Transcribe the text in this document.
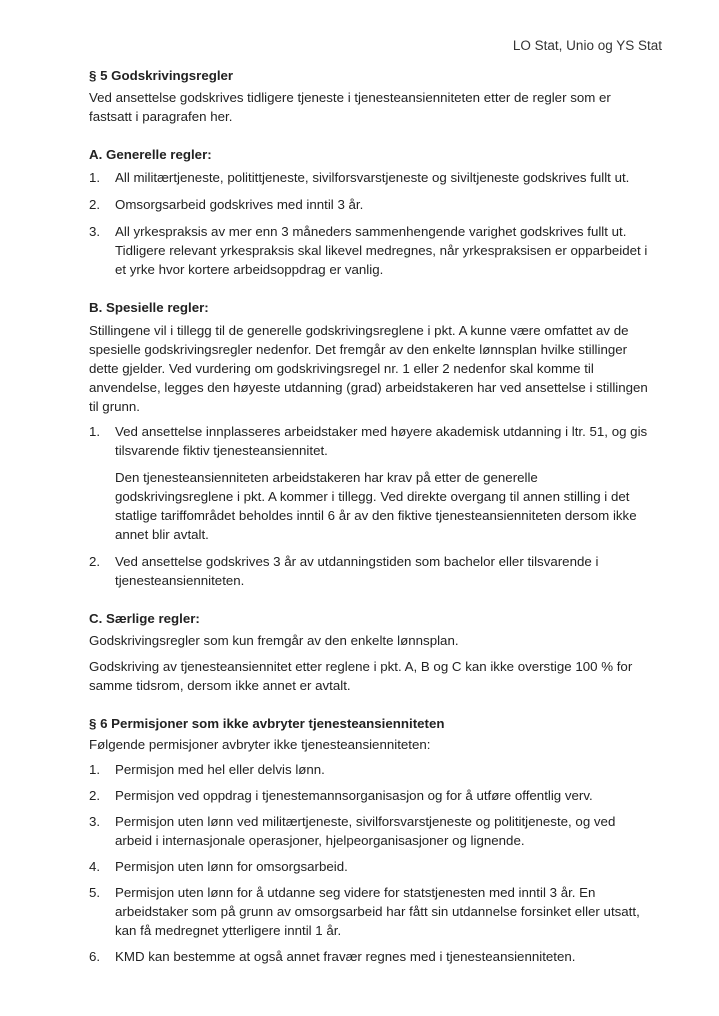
LO Stat, Unio og YS Stat

§ 5 Godskrivingsregler

Ved ansettelse godskrives tidligere tjeneste i tjenesteansienniteten etter de regler som er fastsatt i paragrafen her.

A. Generelle regler:

1. All militærtjeneste, politittjeneste, sivilforsvarstjeneste og siviltjeneste godskrives fullt ut.
2. Omsorgsarbeid godskrives med inntil 3 år.
3. All yrkespraksis av mer enn 3 måneders sammenhengende varighet godskrives fullt ut. Tidligere relevant yrkespraksis skal likevel medregnes, når yrkespraksisen er opparbeidet i et yrke hvor kortere arbeidsoppdrag er vanlig.

B. Spesielle regler:

Stillingene vil i tillegg til de generelle godskrivingsreglene i pkt. A kunne være omfattet av de spesielle godskrivingsregler nedenfor. Det fremgår av den enkelte lønnsplan hvilke stillinger dette gjelder. Ved vurdering om godskrivingsregel nr. 1 eller 2 nedenfor skal komme til anvendelse, legges den høyeste utdanning (grad) arbeidstakeren har ved ansettelse i stillingen til grunn.

1. Ved ansettelse innplasseres arbeidstaker med høyere akademisk utdanning i ltr. 51, og gis tilsvarende fiktiv tjenesteansiennitet.

Den tjenesteansienniteten arbeidstakeren har krav på etter de generelle godskrivingsreglene i pkt. A kommer i tillegg. Ved direkte overgang til annen stilling i det statlige tariffområdet beholdes inntil 6 år av den fiktive tjenesteansienniteten dersom ikke annet blir avtalt.

2. Ved ansettelse godskrives 3 år av utdanningstiden som bachelor eller tilsvarende i tjenesteansienniteten.

C. Særlige regler:

Godskrivingsregler som kun fremgår av den enkelte lønnsplan.

Godskriving av tjenesteansiennitet etter reglene i pkt. A, B og C kan ikke overstige 100 % for samme tidsrom, dersom ikke annet er avtalt.

§ 6 Permisjoner som ikke avbryter tjenesteansienniteten

Følgende permisjoner avbryter ikke tjenesteansienniteten:

1. Permisjon med hel eller delvis lønn.
2. Permisjon ved oppdrag i tjenestemannsorganisasjon og for å utføre offentlig verv.
3. Permisjon uten lønn ved militærtjeneste, sivilforsvarstjeneste og polititjeneste, og ved arbeid i internasjonale operasjoner, hjelpeorganisasjoner og lignende.
4. Permisjon uten lønn for omsorgsarbeid.
5. Permisjon uten lønn for å utdanne seg videre for statstjenesten med inntil 3 år. En arbeidstaker som på grunn av omsorgsarbeid har fått sin utdannelse forsinket eller utsatt, kan få medregnet ytterligere inntil 1 år.
6. KMD kan bestemme at også annet fravær regnes med i tjenesteansienniteten.
